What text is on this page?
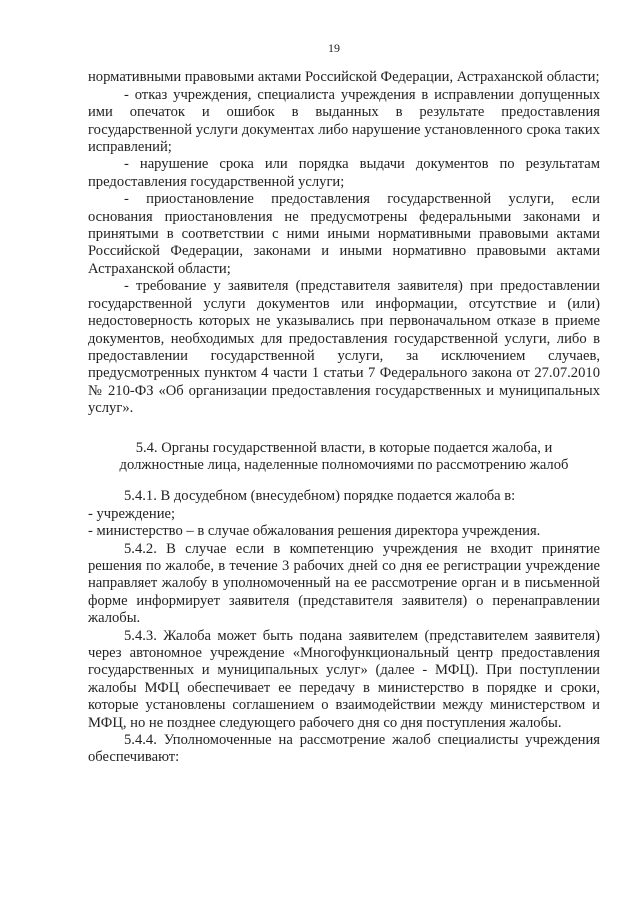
19

нормативными правовыми актами Российской Федерации, Астраханской области;

- отказ учреждения, специалиста учреждения в исправлении допущенных ими опечаток и ошибок в выданных в результате предоставления государственной услуги документах либо нарушение установленного срока таких исправлений;

- нарушение срока или порядка выдачи документов по результатам предоставления государственной услуги;

- приостановление предоставления государственной услуги, если основания приостановления не предусмотрены федеральными законами и принятыми в соответствии с ними иными нормативными правовыми актами Российской Федерации, законами и иными нормативно правовыми актами Астраханской области;

- требование у заявителя (представителя заявителя) при предоставлении государственной услуги документов или информации, отсутствие и (или) недостоверность которых не указывались при первоначальном отказе в приеме документов, необходимых для предоставления государственной услуги, либо в предоставлении государственной услуги, за исключением случаев, предусмотренных пунктом 4 части 1 статьи 7 Федерального закона от 27.07.2010 № 210-ФЗ «Об организации предоставления государственных и муниципальных услуг».

5.4. Органы государственной власти, в которые подается жалоба, и должностные лица, наделенные полномочиями по рассмотрению жалоб

5.4.1. В досудебном (внесудебном) порядке подается жалоба в:

- учреждение;

- министерство – в случае обжалования решения директора учреждения.

5.4.2. В случае если в компетенцию учреждения не входит принятие решения по жалобе, в течение 3 рабочих дней со дня ее регистрации учреждение направляет жалобу в уполномоченный на ее рассмотрение орган и в письменной форме информирует заявителя (представителя заявителя) о перенаправлении жалобы.

5.4.3. Жалоба может быть подана заявителем (представителем заявителя) через автономное учреждение «Многофункциональный центр предоставления государственных и муниципальных услуг» (далее - МФЦ). При поступлении жалобы МФЦ обеспечивает ее передачу в министерство в порядке и сроки, которые установлены соглашением о взаимодействии между министерством и МФЦ, но не позднее следующего рабочего дня со дня поступления жалобы.

5.4.4. Уполномоченные на рассмотрение жалоб специалисты учреждения обеспечивают:
